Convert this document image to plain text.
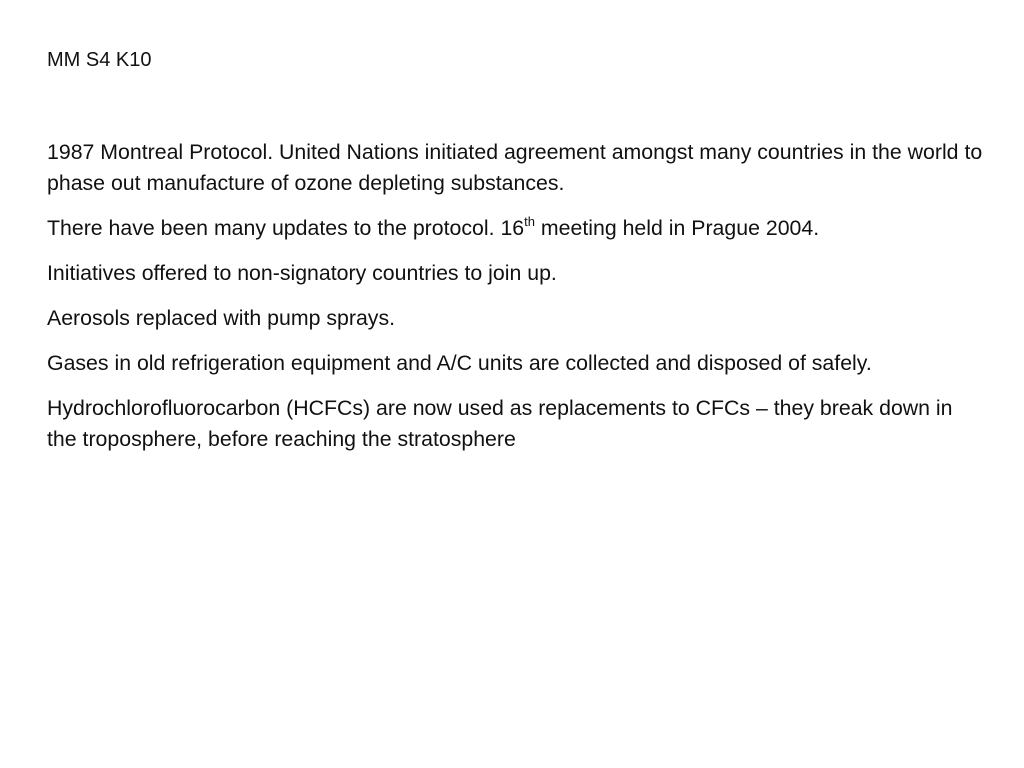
MM S4 K10

1987 Montreal Protocol. United Nations initiated agreement amongst many countries in the world to phase out manufacture of ozone depleting substances.

There have been many updates to the protocol. 16th meeting held in Prague 2004.

Initiatives offered to non-signatory countries to join up.

Aerosols replaced with pump sprays.

Gases in old refrigeration equipment and A/C units are collected and disposed of safely.

Hydrochlorofluorocarbon (HCFCs) are now used as replacements to CFCs – they break down in the troposphere, before reaching the stratosphere
